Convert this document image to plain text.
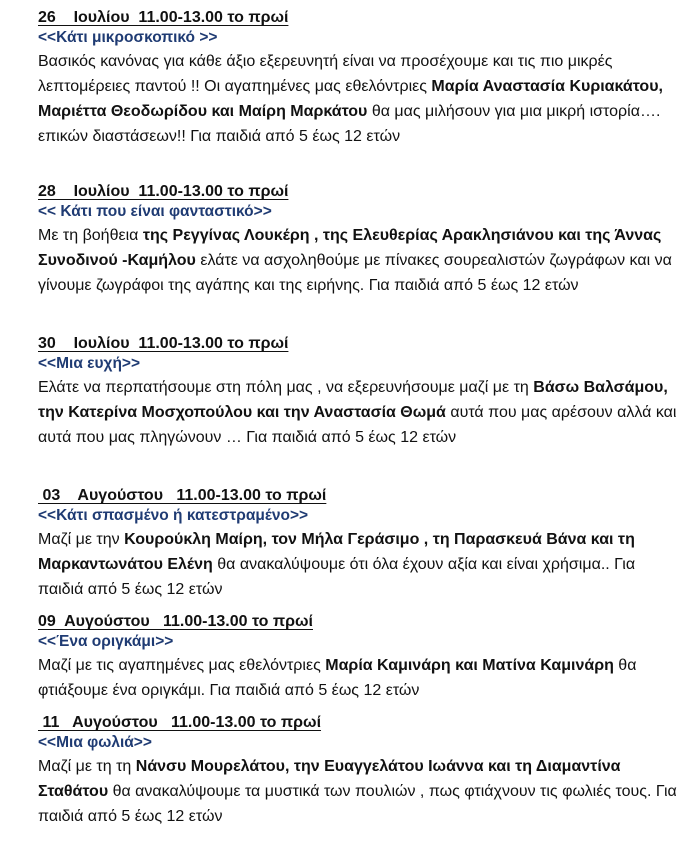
26    Ιουλίου  11.00-13.00 το πρωί
<<Κάτι μικροσκοπικό >>
Βασικός κανόνας για κάθε άξιο εξερευνητή είναι να προσέχουμε και τις πιο μικρές λεπτομέρειες παντού !! Οι αγαπημένες μας εθελόντριες Μαρία Αναστασία Κυριακάτου, Μαριέττα Θεοδωρίδου και Μαίρη Μαρκάτου θα μας μιλήσουν για μια μικρή ιστορία…. επικών διαστάσεων!! Για παιδιά από 5 έως 12 ετών
28    Ιουλίου  11.00-13.00 το πρωί
<< Κάτι που είναι φανταστικό>>
Με τη βοήθεια της Ρεγγίνας Λουκέρη , της Ελευθερίας Αρακλησιάνου και της Άννας Συνοδινού -Καμήλου ελάτε να ασχοληθούμε με πίνακες σουρεαλιστών ζωγράφων και να γίνουμε ζωγράφοι της αγάπης και της ειρήνης. Για παιδιά από 5 έως 12 ετών
30    Ιουλίου  11.00-13.00 το πρωί
<<Μια ευχή>>
Ελάτε να περπατήσουμε στη πόλη μας , να εξερευνήσουμε μαζί με τη Βάσω Βαλσάμου, την Κατερίνα Μοσχοπούλου και την Αναστασία Θωμά αυτά που μας αρέσουν αλλά και αυτά που μας πληγώνουν … Για παιδιά από 5 έως 12 ετών
03    Αυγούστου   11.00-13.00 το πρωί
<<Κάτι σπασμένο ή κατεστραμένο>>
Μαζί με την Κουρούκλη Μαίρη, τον Μήλα Γεράσιμο , τη Παρασκευά Βάνα και τη Μαρκαντωνάτου Ελένη θα ανακαλύψουμε ότι όλα έχουν αξία και είναι χρήσιμα.. Για παιδιά από 5 έως 12 ετών
09  Αυγούστου   11.00-13.00 το πρωί
<<Ένα οριγκάμι>>
Μαζί με τις αγαπημένες μας εθελόντριες Μαρία Καμινάρη και Ματίνα Καμινάρη θα φτιάξουμε ένα οριγκάμι. Για παιδιά από 5 έως 12 ετών
11   Αυγούστου   11.00-13.00 το πρωί
<<Μια φωλιά>>
Μαζί με τη τη Νάνσυ Μουρελάτου, την Ευαγγελάτου Ιωάννα και τη Διαμαντίνα Σταθάτου θα ανακαλύψουμε τα μυστικά των πουλιών , πως φτιάχνουν τις φωλιές τους. Για παιδιά από 5 έως 12 ετών
